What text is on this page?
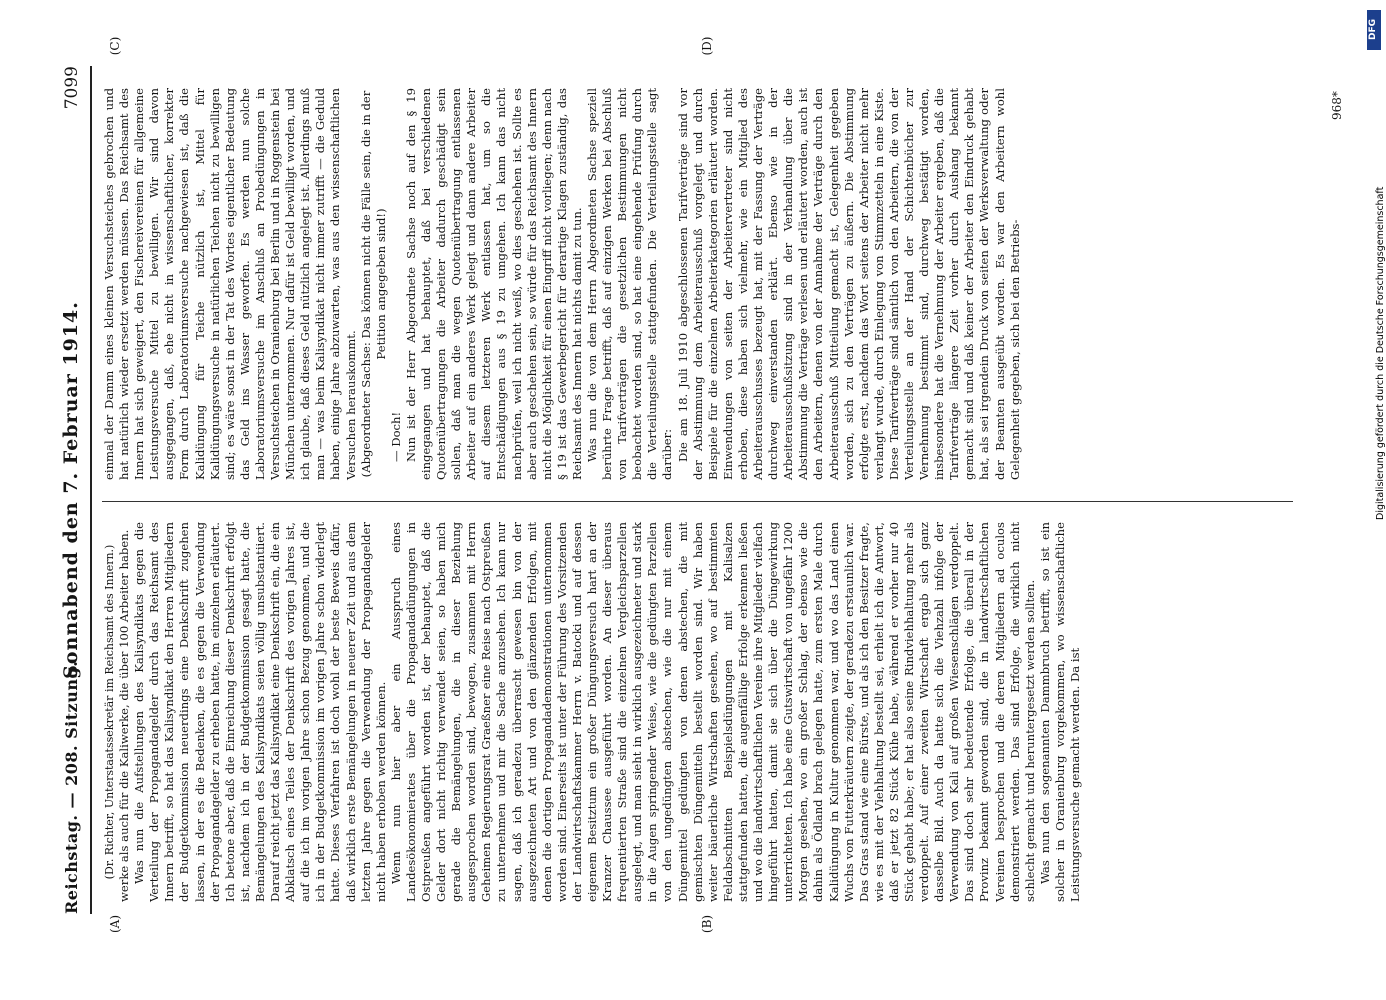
Reichstag. — 208. Sitzung.
Sonnabend den 7. Februar 1914.
7099
(A)	(B)
(C)	(D)

(Dr. Richter, Unterstaatssekretär im Reichsamt des Innern.) werke als auch für die Kaliwerke, die über 100 Arbeiter haben. Was nun die Aufstellungen des Kalisyndikats gegen die Verteilung der Propagandagelder durch das Reichsamt des Innern betrifft, so hat das Kalisyndikat den Herren Mitgliedern der Budgetkommission neuerdings eine Denkschrift zugehen lassen, in der es die Bedenken, die es gegen die Verwendung der Propagandagelder zu erheben hatte, im einzelnen erläutert. Ich betone aber, daß die Einreichung dieser Denkschrift erfolgt ist, nachdem ich in der Budgetkommission gesagt hatte, die Bemängelungen des Kalisyndikats seien völlig unsubstantiiert. Darauf reicht jetzt das Kalisyndikat eine Denkschrift ein, die ein Abklatsch eines Teiles der Denkschrift des vorigen Jahres ist, auf die ich im vorigen Jahre schon Bezug genommen, und die ich in der Budgetkommission im vorigen Jahre schon widerlegt hatte. Dieses Verfahren ist doch wohl der beste Beweis dafür, daß wirklich erste Bemängelungen in neuerer Zeit und aus dem letzten Jahre gegen die Verwendung der Propagandagelder nicht haben erhoben werden können. Wenn nun hier aber ein Ausspruch eines Landesökonomierates über die Propagandadüngungen in Ostpreußen angeführt worden ist, der behauptet, daß die Gelder dort nicht richtig verwendet seien, so haben mich gerade die Bemängelungen, die in dieser Beziehung ausgesprochen worden sind, bewogen, zusammen mit Herrn Geheimen Regierungsrat Graeßner eine Reise nach Ostpreußen zu unternehmen und mir die Sache anzusehen. Ich kann nur sagen, daß ich geradezu überrascht gewesen bin von der ausgezeichneten Art und von den glänzenden Erfolgen, mit denen die dortigen Propagandademonstrationen unternommen worden sind. Einerseits ist unter der Führung des Vorsitzenden der Landwirtschaftskammer Herrn v. Batocki und auf dessen eigenem Besitztum ein großer Düngungsversuch hart an der Kranzer Chaussee ausgeführt worden. An dieser überaus frequentierten Straße sind die einzelnen Vergleichsparzellen ausgelegt, und man sieht in wirklich ausgezeichneter und stark in die Augen springender Weise, wie die gedüngten Parzellen von den ungedüngten abstechen, wie die nur mit einem Düngemittel gedüngten von denen abstechen, die mit gemischten Düngemitteln bestellt worden sind. Wir haben weiter bäuerliche Wirtschaften gesehen, wo auf bestimmten Feldabschnitten Beispielsdüngungen mit Kalisalzen stattgefunden hatten, die augenfällige Erfolge erkennen ließen und wo die landwirtschaftlichen Vereine ihre Mitglieder vielfach hingeführt hatten, damit sie sich über die Düngewirkung unterrichteten. Ich habe eine Gutswirtschaft von ungefähr 1200 Morgen gesehen, wo ein großer Schlag, der ebenso wie die dahin als Ödland brach gelegen hatte, zum ersten Male durch Kalidüngung in Kultur genommen war, und wo das Land einen Wuchs von Futterkräutern zeigte, der geradezu erstaunlich war. Das Gras stand wie eine Bürste, und als ich den Besitzer fragte, wie es mit der Viehhaltung bestellt sei, erhielt ich die Antwort, daß er jetzt 82 Stück Kühe habe, während er vorher nur 40 Stück gehabt habe; er hat also seine Rindviehhaltung mehr als verdoppelt. Auf einer zweiten Wirtschaft ergab sich ganz dasselbe Bild. Auch da hatte sich die Viehzahl infolge der Verwendung von Kali auf großen Wiesenschlägen verdoppelt. Das sind doch sehr bedeutende Erfolge, die überall in der Provinz bekannt geworden sind, die in landwirtschaftlichen Vereinen besprochen und die deren Mitgliedern ad oculos demonstriert werden. Das sind Erfolge, die wirklich nicht schlecht gemacht und heruntergesetzt werden sollten. Was nun den sogenannten Dammbruch betrifft, so ist ein solcher in Oranienburg vorgekommen, wo wissenschaftliche Leistungsversuche gemacht werden. Da ist

einmal der Damm eines kleinen Versuchsteiches gebrochen und hat natürlich wieder ersetzt werden müssen. Das Reichsamt des Innern hat sich geweigert, den Fischereivereinen für allgemeine Leistungsversuche Mittel zu bewilligen. Wir sind davon ausgegangen, daß, ehe nicht in wissenschaftlicher, korrekter Form durch Laboratoriumsversuche nachgewiesen ist, daß die Kalidüngung für Teiche nützlich ist, Mittel für Kalidüngungsversuche in natürlichen Teichen nicht zu bewilligen sind; es wäre sonst in der Tat des Wortes eigentlicher Bedeutung das Geld ins Wasser geworfen. Es werden nun solche Laboratoriumsversuche im Anschluß an Probedüngungen in Versuchsteichen in Oranienburg bei Berlin und in Roggenstein bei München unternommen. Nur dafür ist Geld bewilligt worden, und ich glaube, daß dieses Geld nützlich angelegt ist. Allerdings muß man — was beim Kalisyndikat nicht immer zutrifft — die Geduld haben, einige Jahre abzuwarten, was aus den wissenschaftlichen Versuchen herauskommt. (Abgeordneter Sachse: Das können nicht die Fälle sein, die in der Petition angegeben sind!)

— Doch! Nun ist der Herr Abgeordnete Sachse noch auf den § 19 eingegangen und hat behauptet, daß bei verschiedenen Quotenübertragungen die Arbeiter dadurch geschädigt sein sollen, daß man die wegen Quotenübertragung entlassenen Arbeiter auf ein anderes Werk gelegt und dann andere Arbeiter auf diesem letzteren Werk entlassen hat, um so die Entschädigungen aus § 19 zu umgehen. Ich kann das nicht nachprüfen, weil ich nicht weiß, wo dies geschehen ist. Sollte es aber auch geschehen sein, so würde für das Reichsamt des Innern nicht die Möglichkeit für einen Eingriff nicht vorliegen; denn nach § 19 ist das Gewerbegericht für derartige Klagen zuständig, das Reichsamt des Innern hat nichts damit zu tun. Was nun die von dem Herrn Abgeordneten Sachse speziell berührte Frage betrifft, daß auf einzigen Werken bei Abschluß von Tarifverträgen die gesetzlichen Bestimmungen nicht beobachtet worden sind, so hat eine eingehende Prüfung durch die Verteilungsstelle stattgefunden. Die Verteilungsstelle sagt darüber: Die am 18. Juli 1910 abgeschlossenen Tarifverträge sind vor der Abstimmung dem Arbeiterausschuß vorgelegt und durch Beispiele für die einzelnen Arbeiterkategorien erläutert worden. Einwendungen von seiten der Arbeitervertreter sind nicht erhoben, diese haben sich vielmehr, wie ein Mitglied des Arbeiterausschusses bezeugt hat, mit der Fassung der Verträge durchweg einverstanden erklärt. Ebenso wie in der Arbeiterausschußsitzung sind in der Verhandlung über die Abstimmung die Verträge verlesen und erläutert worden, auch ist den Arbeitern, denen von der Annahme der Verträge durch den Arbeiterausschuß Mitteilung gemacht ist, Gelegenheit gegeben worden, sich zu den Verträgen zu äußern. Die Abstimmung erfolgte erst, nachdem das Wort seitens der Arbeiter nicht mehr verlangt wurde, durch Einlegung von Stimmzetteln in eine Kiste. Diese Tarifverträge sind sämtlich von den Arbeitern, die von der Verteilungsstelle an der Hand der Schichtenbücher zur Vernehmung bestimmt sind, durchweg bestätigt worden, insbesondere hat die Vernehmung der Arbeiter ergeben, daß die Tarifverträge längere Zeit vorher durch Aushang bekannt gemacht sind und daß keiner der Arbeiter den Eindruck gehabt hat, als sei irgendein Druck von seiten der Werksverwaltung oder der Beamten ausgeübt worden. Es war den Arbeitern wohl Gelegenheit gegeben, sich bei den Betriebs-

968*
DFG
Digitalisierung gefördert durch die Deutsche Forschungsgemeinschaft
